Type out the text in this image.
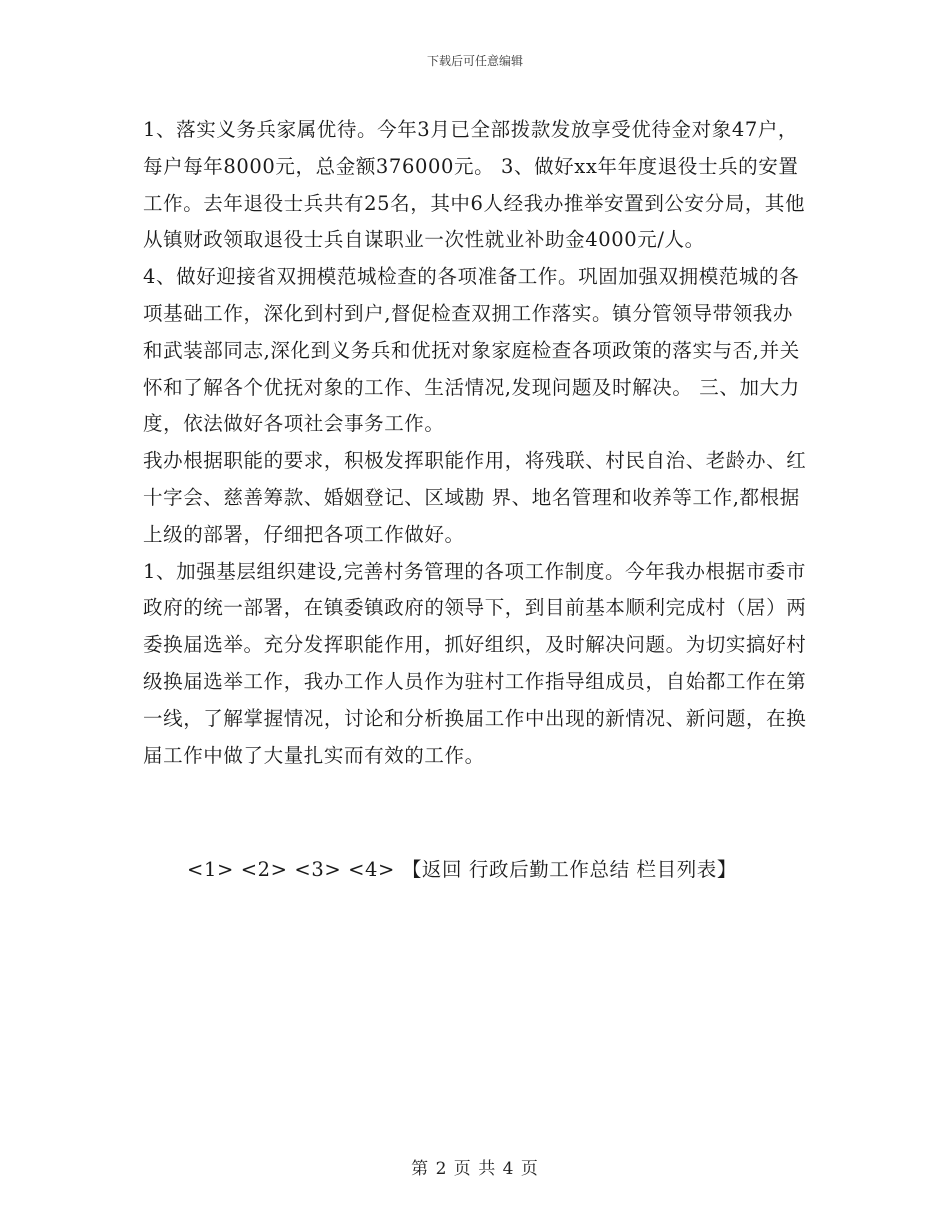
下载后可任意编辑

1、落实义务兵家属优待。今年3月已全部拨款发放享受优待金对象47户，每户每年8000元，总金额376000元。 3、做好xx年年度退役士兵的安置工作。去年退役士兵共有25名，其中6人经我办推举安置到公安分局，其他从镇财政领取退役士兵自谋职业一次性就业补助金4000元/人。

4、做好迎接省双拥模范城检查的各项准备工作。巩固加强双拥模范城的各项基础工作，深化到村到户,督促检查双拥工作落实。镇分管领导带领我办和武装部同志,深化到义务兵和优抚对象家庭检查各项政策的落实与否,并关怀和了解各个优抚对象的工作、生活情况,发现问题及时解决。 三、加大力度，依法做好各项社会事务工作。

我办根据职能的要求，积极发挥职能作用，将残联、村民自治、老龄办、红十字会、慈善筹款、婚姻登记、区域勘 界、地名管理和收养等工作,都根据上级的部署，仔细把各项工作做好。

1、加强基层组织建设,完善村务管理的各项工作制度。今年我办根据市委市政府的统一部署，在镇委镇政府的领导下，到目前基本顺利完成村（居）两委换届选举。充分发挥职能作用，抓好组织，及时解决问题。为切实搞好村级换届选举工作，我办工作人员作为驻村工作指导组成员，自始都工作在第一线，了解掌握情况，讨论和分析换届工作中出现的新情况、新问题，在换届工作中做了大量扎实而有效的工作。

<1> <2> <3> <4> 【返回 行政后勤工作总结 栏目列表】
第 2 页 共 4 页
